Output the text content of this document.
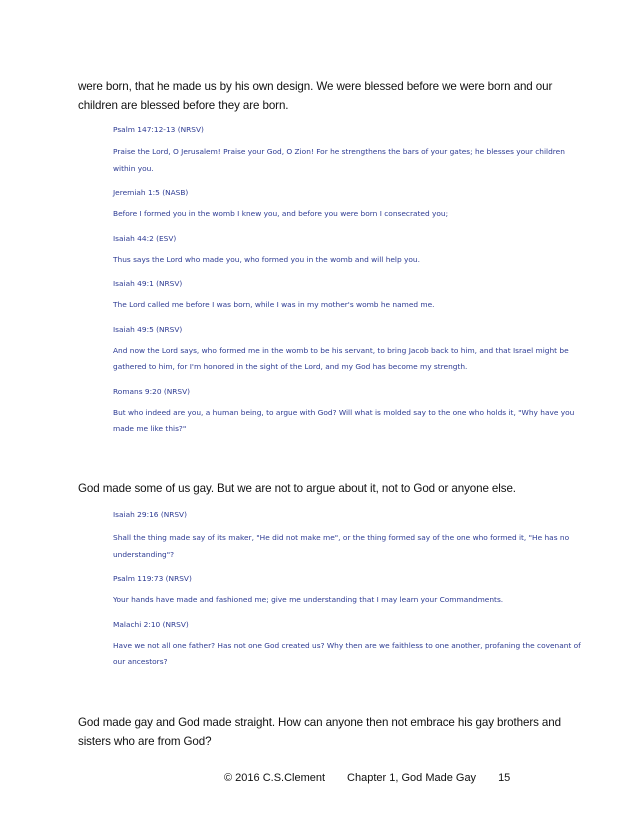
were born, that he made us by his own design. We were blessed before we were born and our children are blessed before they are born.

Psalm 147:12-13 (NRSV)

Praise the Lord, O Jerusalem! Praise your God, O Zion! For he strengthens the bars of your gates; he blesses your children within you.

Jeremiah 1:5 (NASB)

Before I formed you in the womb I knew you, and before you were born I consecrated you;

Isaiah 44:2 (ESV)

Thus says the Lord who made you, who formed you in the womb and will help you.

Isaiah 49:1 (NRSV)

The Lord called me before I was born, while I was in my mother's womb he named me.

Isaiah 49:5 (NRSV)

And now the Lord says, who formed me in the womb to be his servant, to bring Jacob back to him, and that Israel might be gathered to him, for I'm honored in the sight of the Lord, and my God has become my strength.

Romans 9:20 (NRSV)

But who indeed are you, a human being, to argue with God? Will what is molded say to the one who holds it, "Why have you made me like this?"

God made some of us gay. But we are not to argue about it, not to God or anyone else.

Isaiah 29:16 (NRSV)

Shall the thing made say of its maker, "He did not make me", or the thing formed say of the one who formed it, "He has no understanding"?

Psalm 119:73 (NRSV)

Your hands have made and fashioned me; give me understanding that I may learn your Commandments.

Malachi 2:10 (NRSV)

Have we not all one father? Has not one God created us? Why then are we faithless to one another, profaning the covenant of our ancestors?

God made gay and God made straight. How can anyone then not embrace his gay brothers and sisters who are from God?
© 2016 C.S.Clement Chapter 1, God Made Gay 15
